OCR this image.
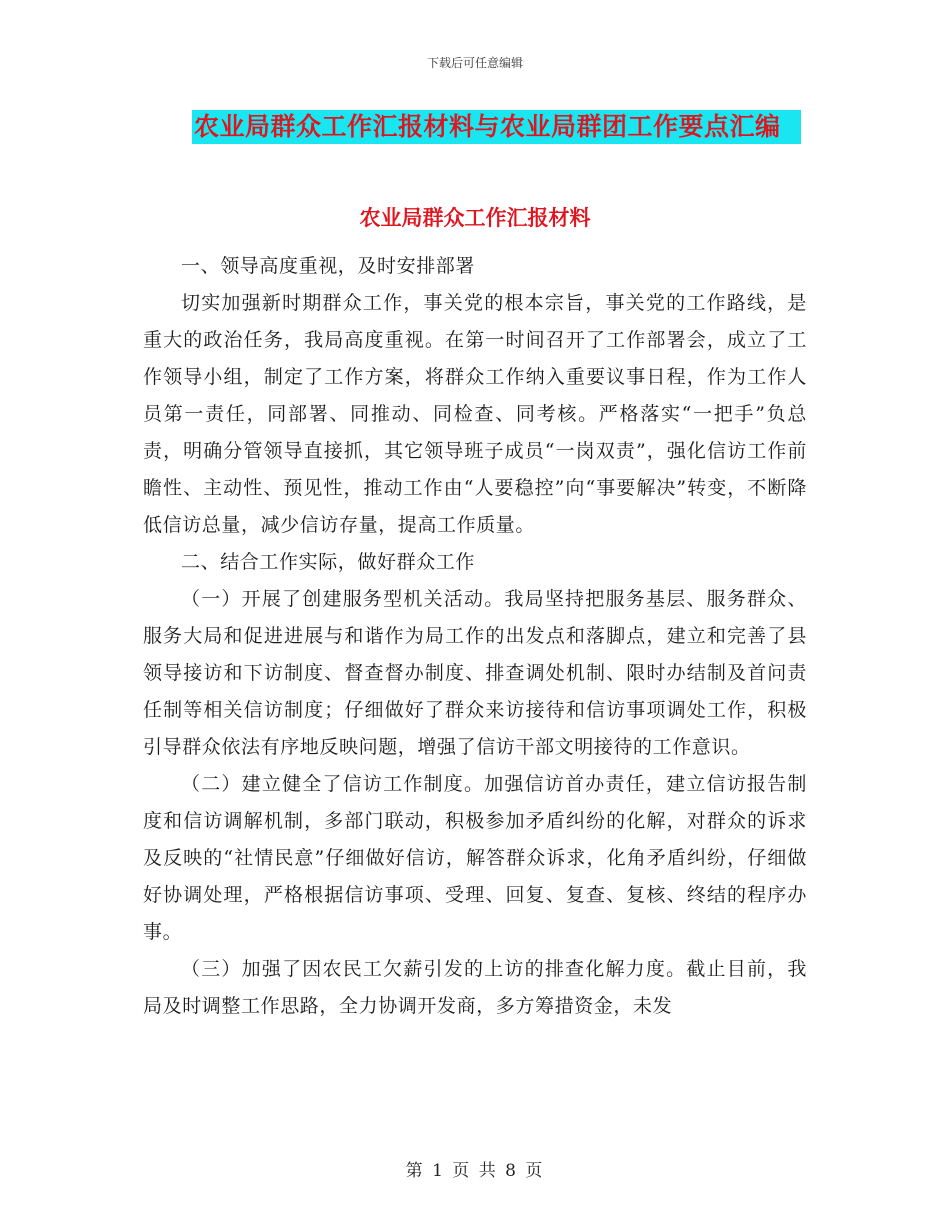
下载后可任意编辑
农业局群众工作汇报材料与农业局群团工作要点汇编
农业局群众工作汇报材料

一、领导高度重视，及时安排部署

切实加强新时期群众工作，事关党的根本宗旨，事关党的工作路线，是重大的政治任务，我局高度重视。在第一时间召开了工作部署会，成立了工作领导小组，制定了工作方案，将群众工作纳入重要议事日程，作为工作人员第一责任，同部署、同推动、同检查、同考核。严格落实“一把手”负总责，明确分管领导直接抓，其它领导班子成员“一岗双责”，强化信访工作前瞻性、主动性、预见性，推动工作由“人要稳控”向“事要解决”转变，不断降低信访总量，减少信访存量，提高工作质量。

二、结合工作实际，做好群众工作

（一）开展了创建服务型机关活动。我局坚持把服务基层、服务群众、服务大局和促进进展与和谐作为局工作的出发点和落脚点，建立和完善了县领导接访和下访制度、督查督办制度、排查调处机制、限时办结制及首问责任制等相关信访制度；仔细做好了群众来访接待和信访事项调处工作，积极引导群众依法有序地反映问题，增强了信访干部文明接待的工作意识。

（二）建立健全了信访工作制度。加强信访首办责任，建立信访报告制度和信访调解机制，多部门联动，积极参加矛盾纠纷的化解，对群众的诉求及反映的“社情民意”仔细做好信访，解答群众诉求，化角矛盾纠纷，仔细做好协调处理，严格根据信访事项、受理、回复、复查、复核、终结的程序办事。

（三）加强了因农民工欠薪引发的上访的排查化解力度。截止目前，我局及时调整工作思路，全力协调开发商，多方筹措资金，未发

第 1 页 共 8 页
